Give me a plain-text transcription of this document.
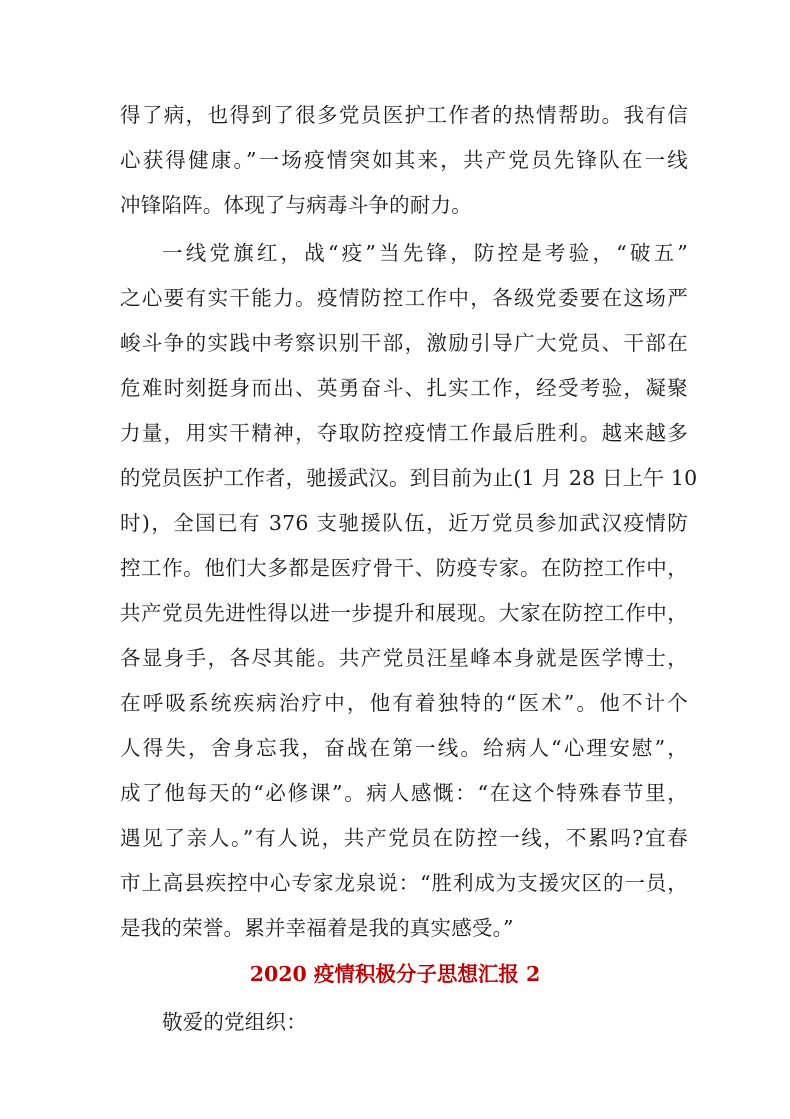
得了病，也得到了很多党员医护工作者的热情帮助。我有信
心获得健康。”一场疫情突如其来，共产党员先锋队在一线
冲锋陷阵。体现了与病毒斗争的耐力。
一线党旗红，战“疫”当先锋，防控是考验，“破五”
之心要有实干能力。疫情防控工作中，各级党委要在这场严
峻斗争的实践中考察识别干部，激励引导广大党员、干部在
危难时刻挺身而出、英勇奋斗、扎实工作，经受考验，凝聚
力量，用实干精神，夺取防控疫情工作最后胜利。越来越多
的党员医护工作者，驰援武汉。到目前为止(1 月 28 日上午 10
时)，全国已有 376 支驰援队伍，近万党员参加武汉疫情防
控工作。他们大多都是医疗骨干、防疫专家。在防控工作中，
共产党员先进性得以进一步提升和展现。大家在防控工作中，
各显身手，各尽其能。共产党员汪星峰本身就是医学博士，
在呼吸系统疾病治疗中，他有着独特的“医术”。他不计个
人得失，舍身忘我，奋战在第一线。给病人“心理安慰”，
成了他每天的“必修课”。病人感慨：“在这个特殊春节里，
遇见了亲人。”有人说，共产党员在防控一线，不累吗?宜春
市上高县疾控中心专家龙泉说：“胜利成为支援灾区的一员，
是我的荣誉。累并幸福着是我的真实感受。”
2020 疫情积极分子思想汇报 2
敬爱的党组织：
